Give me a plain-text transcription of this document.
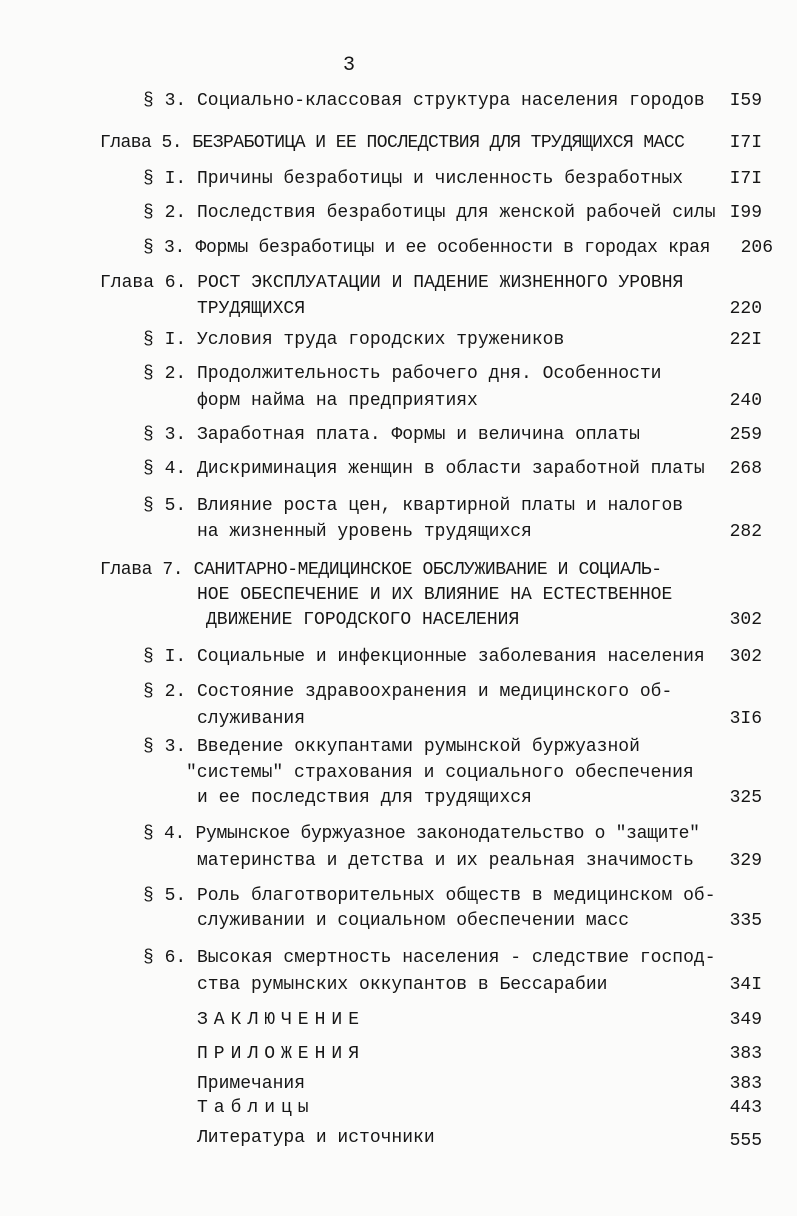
3
§ 3. Социально-классовая структура населения городов I59
Глава 5. БЕЗРАБОТИЦА И ЕЕ ПОСЛЕДСТВИЯ ДЛЯ ТРУДЯЩИХСЯ МАСС	I7I
§ I. Причины безработицы и численность безработных	I7I
§ 2. Последствия безработицы для женской рабочей силы I99
§ 3. Формы безработицы и ее особенности в городах края 206
Глава 6. РОСТ ЭКСПЛУАТАЦИИ И ПАДЕНИЕ ЖИЗНЕННОГО УРОВНЯ
ТРУДЯЩИХСЯ	220
§ I. Условия труда городских тружеников	22I
§ 2. Продолжительность рабочего дня. Особенности
форм найма на предприятиях	240
§ 3. Заработная плата. Формы и величина оплаты	259
§ 4. Дискриминация женщин в области заработной платы 268
§ 5. Влияние роста цен, квартирной платы и налогов
на жизненный уровень трудящихся	282
Глава 7. САНИТАРНО-МЕДИЦИНСКОЕ ОБСЛУЖИВАНИЕ И СОЦИАЛЬ-
НОЕ ОБЕСПЕЧЕНИЕ И ИХ ВЛИЯНИЕ НА ЕСТЕСТВЕННОЕ
ДВИЖЕНИЕ ГОРОДСКОГО НАСЕЛЕНИЯ	302
§ I. Социальные и инфекционные заболевания населения 302
§ 2. Состояние здравоохранения и медицинского об-
служивания	3I6
§ 3. Введение оккупантами румынской буржуазной
"системы" страхования и социального обеспечения
и ее последствия для трудящихся	325
§ 4. Румынское буржуазное законодательство о "защите"
материнства и детства и их реальная значимость 329
§ 5. Роль благотворительных обществ в медицинском об-
служивании и социальном обеспечении масс	335
§ 6. Высокая смертность населения - следствие господ-
ства румынских оккупантов в Бессарабии	34I
ЗАКЛЮЧЕНИЕ	349
ПРИЛОЖЕНИЯ	383
Примечания	383
Таблицы	443
Литература и источники	555
